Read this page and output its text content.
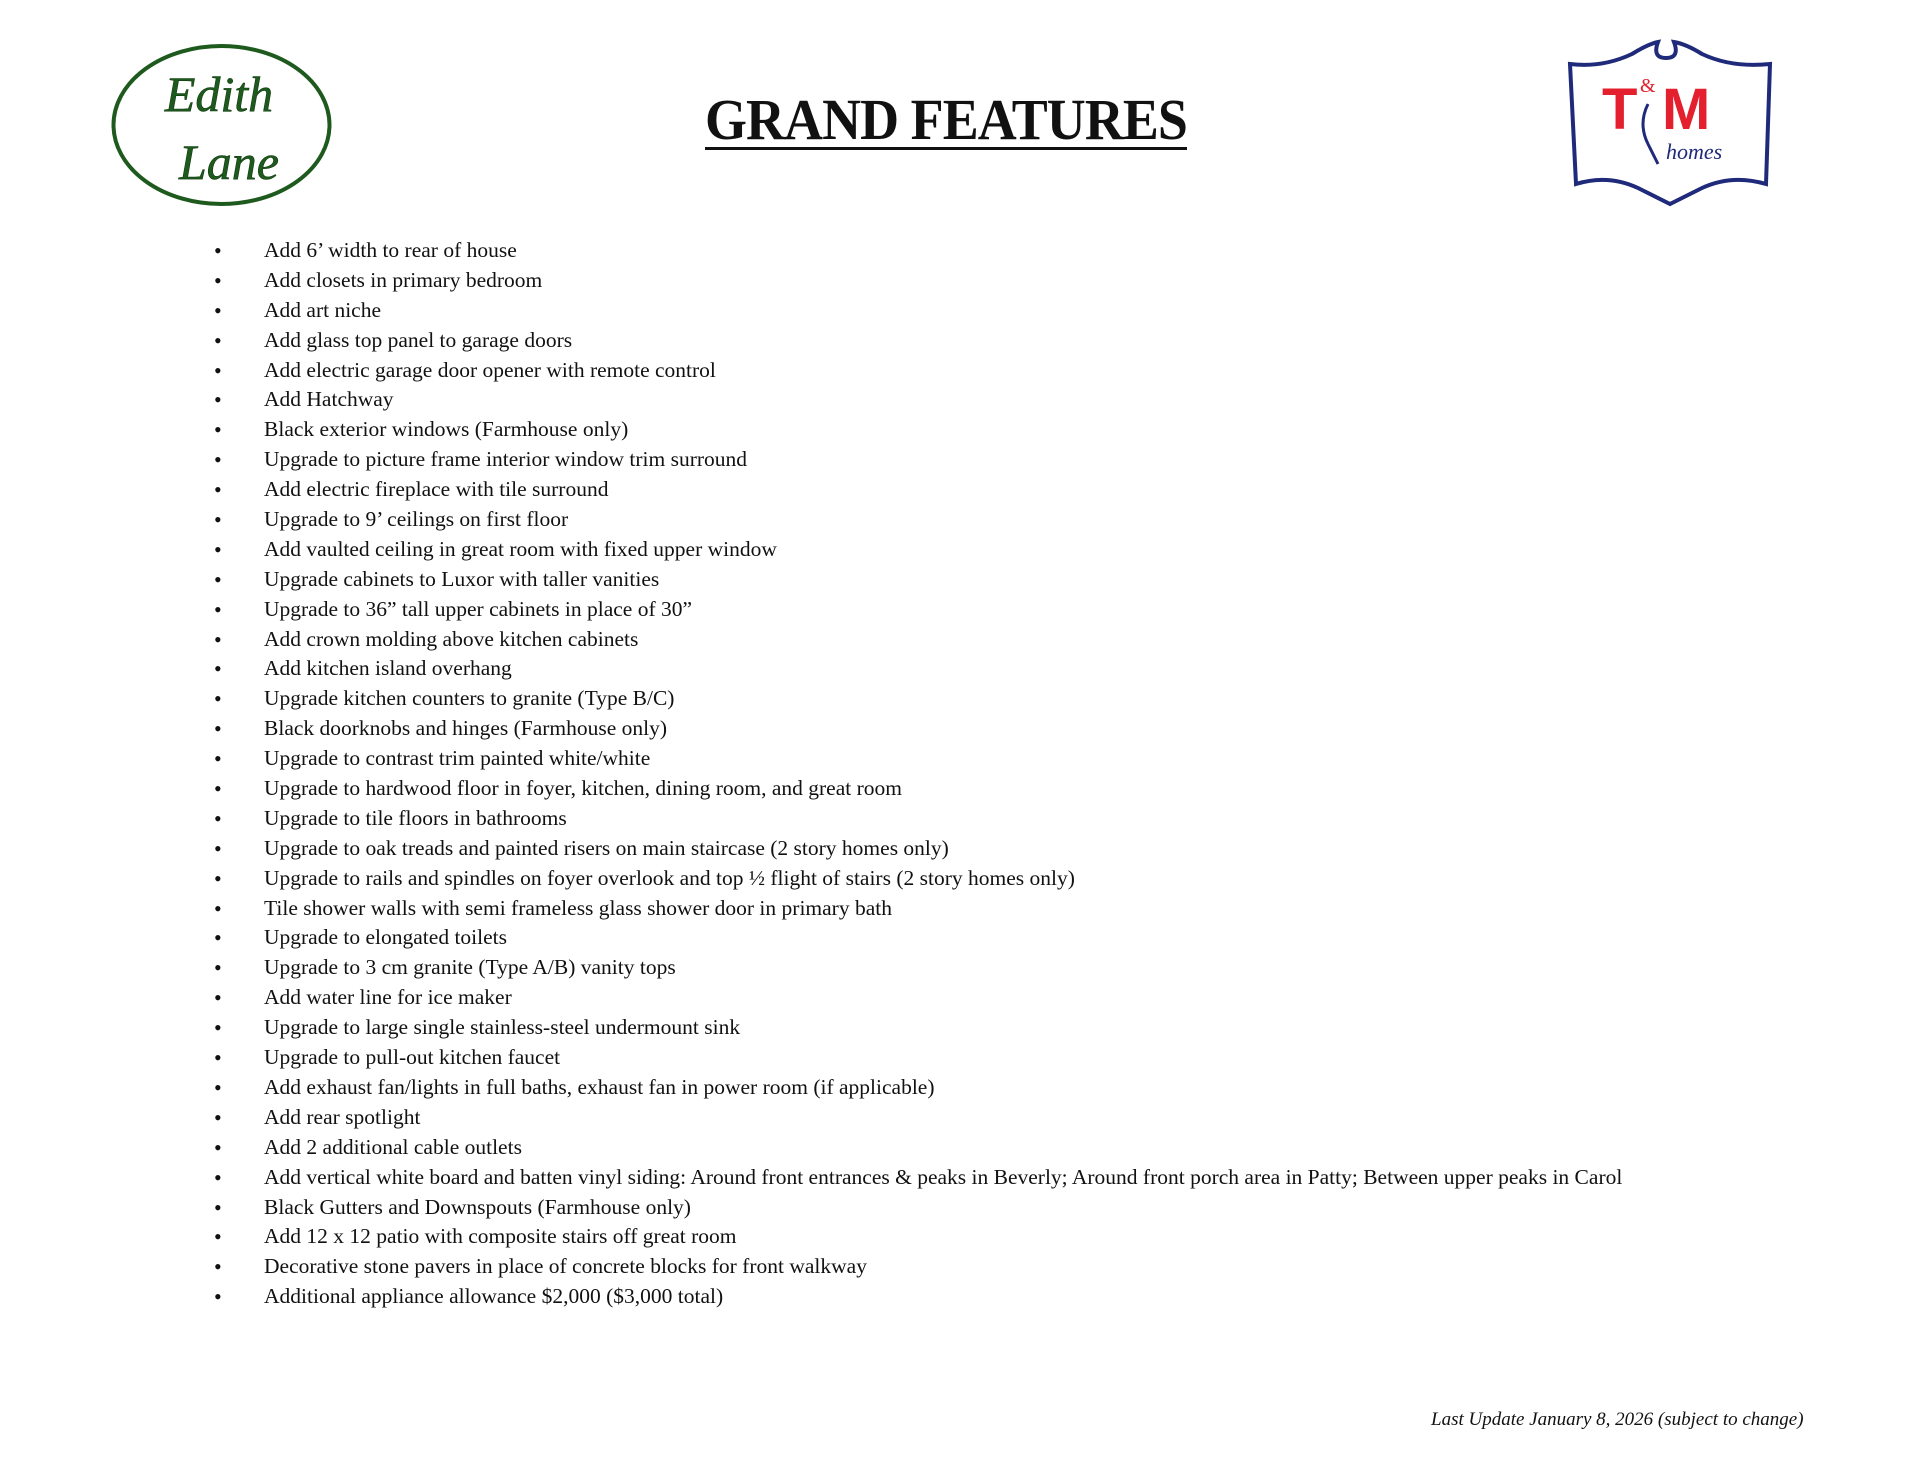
Edith
Lane
T M
&
homes
GRAND FEATURES
• Add 6’ width to rear of house
• Add closets in primary bedroom
• Add art niche
• Add glass top panel to garage doors
• Add electric garage door opener with remote control
• Add Hatchway
• Black exterior windows (Farmhouse only)
• Upgrade to picture frame interior window trim surround
• Add electric fireplace with tile surround
• Upgrade to 9’ ceilings on first floor
• Add vaulted ceiling in great room with fixed upper window
• Upgrade cabinets to Luxor with taller vanities
• Upgrade to 36” tall upper cabinets in place of 30”
• Add crown molding above kitchen cabinets
• Add kitchen island overhang
• Upgrade kitchen counters to granite (Type B/C)
• Black doorknobs and hinges (Farmhouse only)
• Upgrade to contrast trim painted white/white
• Upgrade to hardwood floor in foyer, kitchen, dining room, and great room
• Upgrade to tile floors in bathrooms
• Upgrade to oak treads and painted risers on main staircase (2 story homes only)
• Upgrade to rails and spindles on foyer overlook and top ½ flight of stairs (2 story homes only)
• Tile shower walls with semi frameless glass shower door in primary bath
• Upgrade to elongated toilets
• Upgrade to 3 cm granite (Type A/B) vanity tops
• Add water line for ice maker
• Upgrade to large single stainless-steel undermount sink
• Upgrade to pull-out kitchen faucet
• Add exhaust fan/lights in full baths, exhaust fan in power room (if applicable)
• Add rear spotlight
• Add 2 additional cable outlets
• Add vertical white board and batten vinyl siding: Around front entrances & peaks in Beverly; Around front porch area in Patty; Between upper peaks in Carol
• Black Gutters and Downspouts (Farmhouse only)
• Add 12 x 12 patio with composite stairs off great room
• Decorative stone pavers in place of concrete blocks for front walkway
• Additional appliance allowance $2,000 ($3,000 total)
Last Update January 8, 2026 (subject to change)
